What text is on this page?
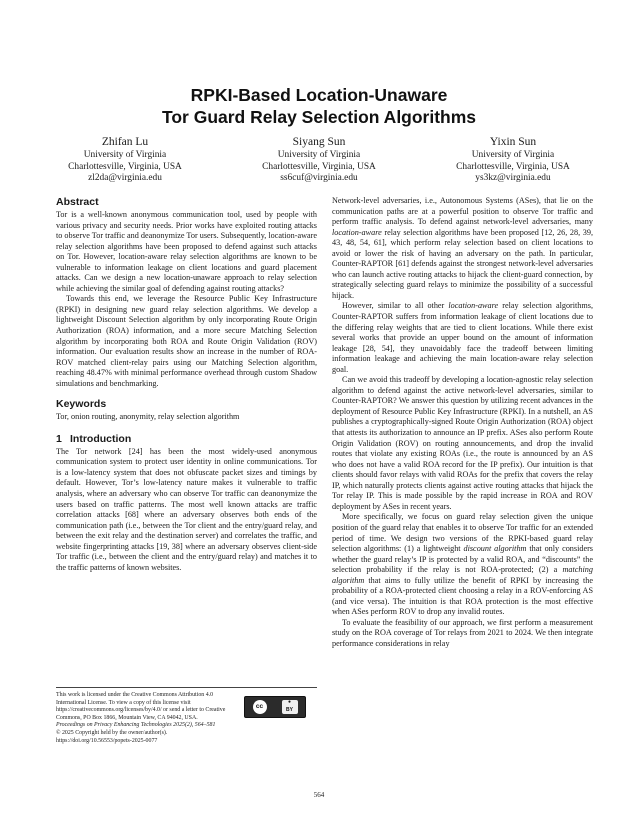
RPKI-Based Location-Unaware
Tor Guard Relay Selection Algorithms
Zhifan Lu
University of Virginia
Charlottesville, Virginia, USA
zl2da@virginia.edu
Siyang Sun
University of Virginia
Charlottesville, Virginia, USA
ss6cuf@virginia.edu
Yixin Sun
University of Virginia
Charlottesville, Virginia, USA
ys3kz@virginia.edu
Abstract

Tor is a well-known anonymous communication tool, used by people with various privacy and security needs. Prior works have exploited routing attacks to observe Tor traffic and deanonymize Tor users. Subsequently, location-aware relay selection algorithms have been proposed to defend against such attacks on Tor. However, location-aware relay selection algorithms are known to be vulnerable to information leakage on client locations and guard placement attacks. Can we design a new location-unaware approach to relay selection while achieving the similar goal of defending against routing attacks?

Towards this end, we leverage the Resource Public Key Infrastructure (RPKI) in designing new guard relay selection algorithms. We develop a lightweight Discount Selection algorithm by only incorporating Route Origin Authorization (ROA) information, and a more secure Matching Selection algorithm by incorporating both ROA and Route Origin Validation (ROV) information. Our evaluation results show an increase in the number of ROA-ROV matched client-relay pairs using our Matching Selection algorithm, reaching 48.47% with minimal performance overhead through custom Shadow simulations and benchmarking.

Keywords

Tor, onion routing, anonymity, relay selection algorithm

1 Introduction

The Tor network [24] has been the most widely-used anonymous communication system to protect user identity in online communications. Tor is a low-latency system that does not obfuscate packet sizes and timings by default. However, Tor’s low-latency nature makes it vulnerable to traffic analysis, where an adversary who can observe Tor traffic can deanonymize the users based on traffic patterns. The most well known attacks are traffic correlation attacks [68] where an adversary observes both ends of the communication path (i.e., between the Tor client and the entry/guard relay, and between the exit relay and the destination server) and correlates the traffic, and website fingerprinting attacks [19, 38] where an adversary observes client-side Tor traffic (i.e., between the client and the entry/guard relay) and matches it to the traffic patterns of known websites.

This work is licensed under the Creative Commons Attribution 4.0 International License. To view a copy of this license visit https://creativecommons.org/licenses/by/4.0/ or send a letter to Creative Commons, PO Box 1866, Mountain View, CA 94042, USA.
cc
●
BY
Proceedings on Privacy Enhancing Technologies 2025(2), 564–581
© 2025 Copyright held by the owner/author(s).
https://doi.org/10.56553/popets-2025-0077

Network-level adversaries, i.e., Autonomous Systems (ASes), that lie on the communication paths are at a powerful position to observe Tor traffic and perform traffic analysis. To defend against network-level adversaries, many location-aware relay selection algorithms have been proposed [12, 26, 28, 39, 43, 48, 54, 61], which perform relay selection based on client locations to avoid or lower the risk of having an adversary on the path. In particular, Counter-RAPTOR [61] defends against the strongest network-level adversaries who can launch active routing attacks to hijack the client-guard connection, by strategically selecting guard relays to minimize the possibility of a successful hijack.

However, similar to all other location-aware relay selection algorithms, Counter-RAPTOR suffers from information leakage of client locations due to the differing relay weights that are tied to client locations. While there exist several works that provide an upper bound on the amount of information leakage [28, 54], they unavoidably face the tradeoff between limiting information leakage and achieving the main location-aware relay selection goal.

Can we avoid this tradeoff by developing a location-agnostic relay selection algorithm to defend against the active network-level adversaries, similar to Counter-RAPTOR? We answer this question by utilizing recent advances in the deployment of Resource Public Key Infrastructure (RPKI). In a nutshell, an AS publishes a cryptographically-signed Route Origin Authorization (ROA) object that attests its authorization to announce an IP prefix. ASes also perform Route Origin Validation (ROV) on routing announcements, and drop the invalid routes that violate any existing ROAs (i.e., the route is announced by an AS who does not have a valid ROA record for the IP prefix). Our intuition is that clients should favor relays with valid ROAs for the prefix that covers the relay IP, which naturally protects clients against active routing attacks that hijack the Tor relay IP. This is made possible by the rapid increase in ROA and ROV deployment by ASes in recent years.

More specifically, we focus on guard relay selection given the unique position of the guard relay that enables it to observe Tor traffic for an extended period of time. We design two versions of the RPKI-based guard relay selection algorithms: (1) a lightweight discount algorithm that only considers whether the guard relay’s IP is protected by a valid ROA, and “discounts” the selection probability if the relay is not ROA-protected; (2) a matching algorithm that aims to fully utilize the benefit of RPKI by increasing the probability of a ROA-protected client choosing a relay in a ROV-enforcing AS (and vice versa). The intuition is that ROA protection is the most effective when ASes perform ROV to drop any invalid routes.

To evaluate the feasibility of our approach, we first perform a measurement study on the ROA coverage of Tor relays from 2021 to 2024. We then integrate performance considerations in relay

564
